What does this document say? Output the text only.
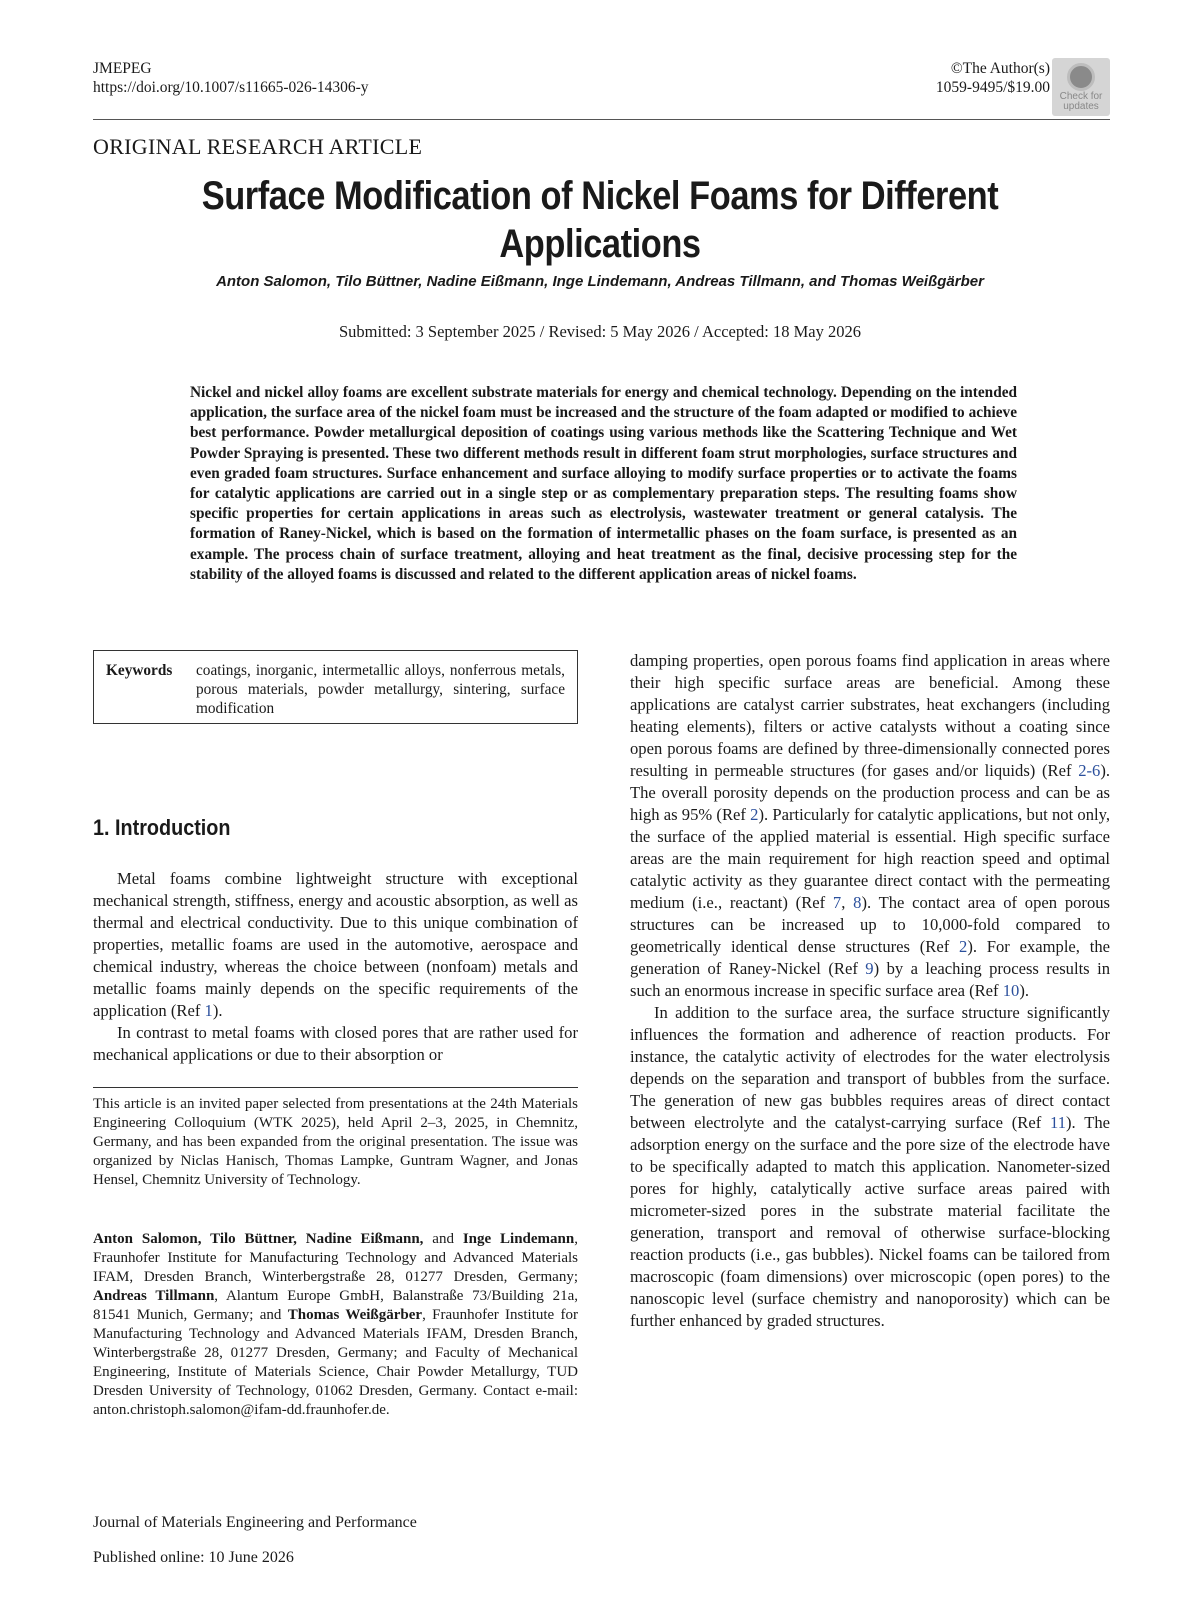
JMEPEG
https://doi.org/10.1007/s11665-026-14306-y
©The Author(s)
1059-9495/$19.00
Check for
updates
ORIGINAL RESEARCH ARTICLE
Surface Modification of Nickel Foams for Different
Applications
Anton Salomon, Tilo Büttner, Nadine Eißmann, Inge Lindemann, Andreas Tillmann, and Thomas Weißgärber
Submitted: 3 September 2025 / Revised: 5 May 2026 / Accepted: 18 May 2026
Nickel and nickel alloy foams are excellent substrate materials for energy and chemical technology. Depending on the intended application, the surface area of the nickel foam must be increased and the structure of the foam adapted or modified to achieve best performance. Powder metallurgical deposition of coatings using various methods like the Scattering Technique and Wet Powder Spraying is presented. These two different methods result in different foam strut morphologies, surface structures and even graded foam structures. Surface enhancement and surface alloying to modify surface properties or to activate the foams for catalytic applications are carried out in a single step or as complementary preparation steps. The resulting foams show specific properties for certain applications in areas such as electrolysis, wastewater treatment or general catalysis. The formation of Raney-Nickel, which is based on the formation of intermetallic phases on the foam surface, is presented as an example. The process chain of surface treatment, alloying and heat treatment as the final, decisive processing step for the stability of the alloyed foams is discussed and related to the different application areas of nickel foams.
Keywords coatings, inorganic, intermetallic alloys, nonferrous metals, porous materials, powder metallurgy, sintering, surface modification
1. Introduction

Metal foams combine lightweight structure with exceptional mechanical strength, stiffness, energy and acoustic absorption, as well as thermal and electrical conductivity. Due to this unique combination of properties, metallic foams are used in the automotive, aerospace and chemical industry, whereas the choice between (nonfoam) metals and metallic foams mainly depends on the specific requirements of the application (Ref 1).

In contrast to metal foams with closed pores that are rather used for mechanical applications or due to their absorption or

This article is an invited paper selected from presentations at the 24th Materials Engineering Colloquium (WTK 2025), held April 2–3, 2025, in Chemnitz, Germany, and has been expanded from the original presentation. The issue was organized by Niclas Hanisch, Thomas Lampke, Guntram Wagner, and Jonas Hensel, Chemnitz University of Technology.
Anton Salomon, Tilo Büttner, Nadine Eißmann, and Inge Lindemann, Fraunhofer Institute for Manufacturing Technology and Advanced Materials IFAM, Dresden Branch, Winterbergstraße 28, 01277 Dresden, Germany; Andreas Tillmann, Alantum Europe GmbH, Balanstraße 73/Building 21a, 81541 Munich, Germany; and Thomas Weißgärber, Fraunhofer Institute for Manufacturing Technology and Advanced Materials IFAM, Dresden Branch, Winterbergstraße 28, 01277 Dresden, Germany; and Faculty of Mechanical Engineering, Institute of Materials Science, Chair Powder Metallurgy, TUD Dresden University of Technology, 01062 Dresden, Germany. Contact e-mail: anton.christoph.salomon@ifam-dd.fraunhofer.de.
Journal of Materials Engineering and Performance
Published online: 10 June 2026

damping properties, open porous foams find application in areas where their high specific surface areas are beneficial. Among these applications are catalyst carrier substrates, heat exchangers (including heating elements), filters or active catalysts without a coating since open porous foams are defined by three-dimensionally connected pores resulting in permeable structures (for gases and/or liquids) (Ref 2-6). The overall porosity depends on the production process and can be as high as 95% (Ref 2). Particularly for catalytic applications, but not only, the surface of the applied material is essential. High specific surface areas are the main requirement for high reaction speed and optimal catalytic activity as they guarantee direct contact with the permeating medium (i.e., reactant) (Ref 7, 8). The contact area of open porous structures can be increased up to 10,000-fold compared to geometrically identical dense structures (Ref 2). For example, the generation of Raney-Nickel (Ref 9) by a leaching process results in such an enormous increase in specific surface area (Ref 10).

In addition to the surface area, the surface structure significantly influences the formation and adherence of reaction products. For instance, the catalytic activity of electrodes for the water electrolysis depends on the separation and transport of bubbles from the surface. The generation of new gas bubbles requires areas of direct contact between electrolyte and the catalyst-carrying surface (Ref 11). The adsorption energy on the surface and the pore size of the electrode have to be specifically adapted to match this application. Nanometer-sized pores for highly, catalytically active surface areas paired with micrometer-sized pores in the substrate material facilitate the generation, transport and removal of otherwise surface-blocking reaction products (i.e., gas bubbles). Nickel foams can be tailored from macroscopic (foam dimensions) over microscopic (open pores) to the nanoscopic level (surface chemistry and nanoporosity) which can be further enhanced by graded structures.
